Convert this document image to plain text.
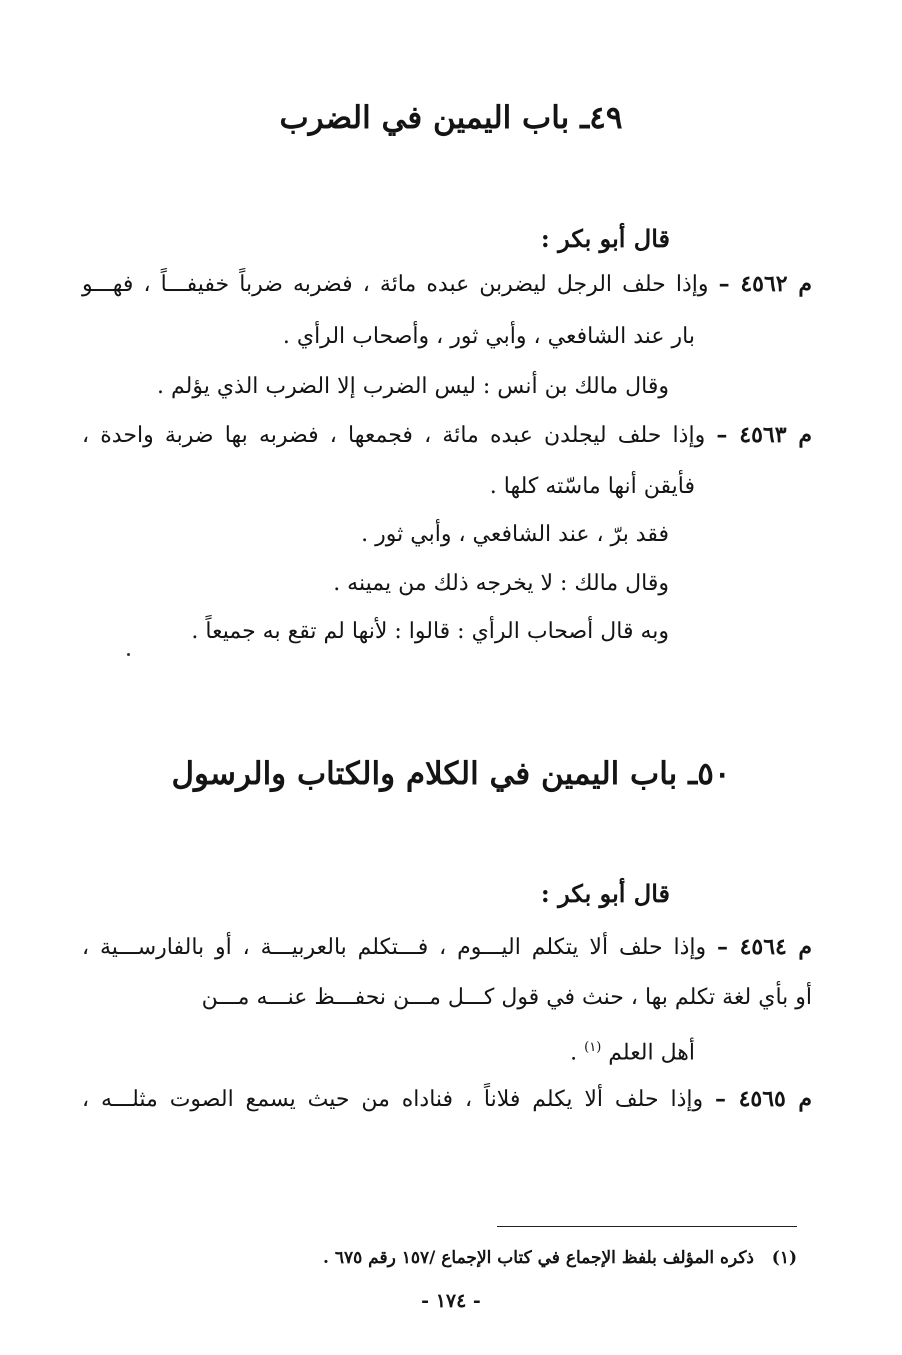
٤٩ـ باب اليمين في الضرب
قال أبو بكر :
م ٤٥٦٢ – وإذا حلف الرجل ليضربن عبده مائة ، فضربه ضرباً خفيفـــاً ، فهـــو
بار عند الشافعي ، وأبي ثور ، وأصحاب الرأي .
وقال مالك بن أنس : ليس الضرب إلا الضرب الذي يؤلم .
م ٤٥٦٣ – وإذا حلف ليجلدن عبده مائة ، فجمعها ، فضربه بها ضربة واحدة ،
فأيقن أنها ماسّته كلها .
فقد برّ ، عند الشافعي ، وأبي ثور .
وقال مالك : لا يخرجه ذلك من يمينه .
وبه قال أصحاب الرأي : قالوا : لأنها لم تقع به جميعاً .
٥٠ـ باب اليمين في الكلام والكتاب والرسول
قال أبو بكر :
م ٤٥٦٤ – وإذا حلف ألا يتكلم اليـــوم ، فـــتكلم بالعربيـــة ، أو بالفارســـية ،
أو بأي لغة تكلم بها ، حنث في قول كـــل مـــن نحفـــظ عنـــه مـــن
أهل العلم $^{(١)}$ .
م ٤٥٦٥ – وإذا حلف ألا يكلم فلاناً ، فناداه من حيث يسمع الصوت مثلـــه ،
(١)   ذكره المؤلف بلفظ الإجماع في كتاب الإجماع /١٥٧ رقم ٦٧٥ .
- ١٧٤ -
